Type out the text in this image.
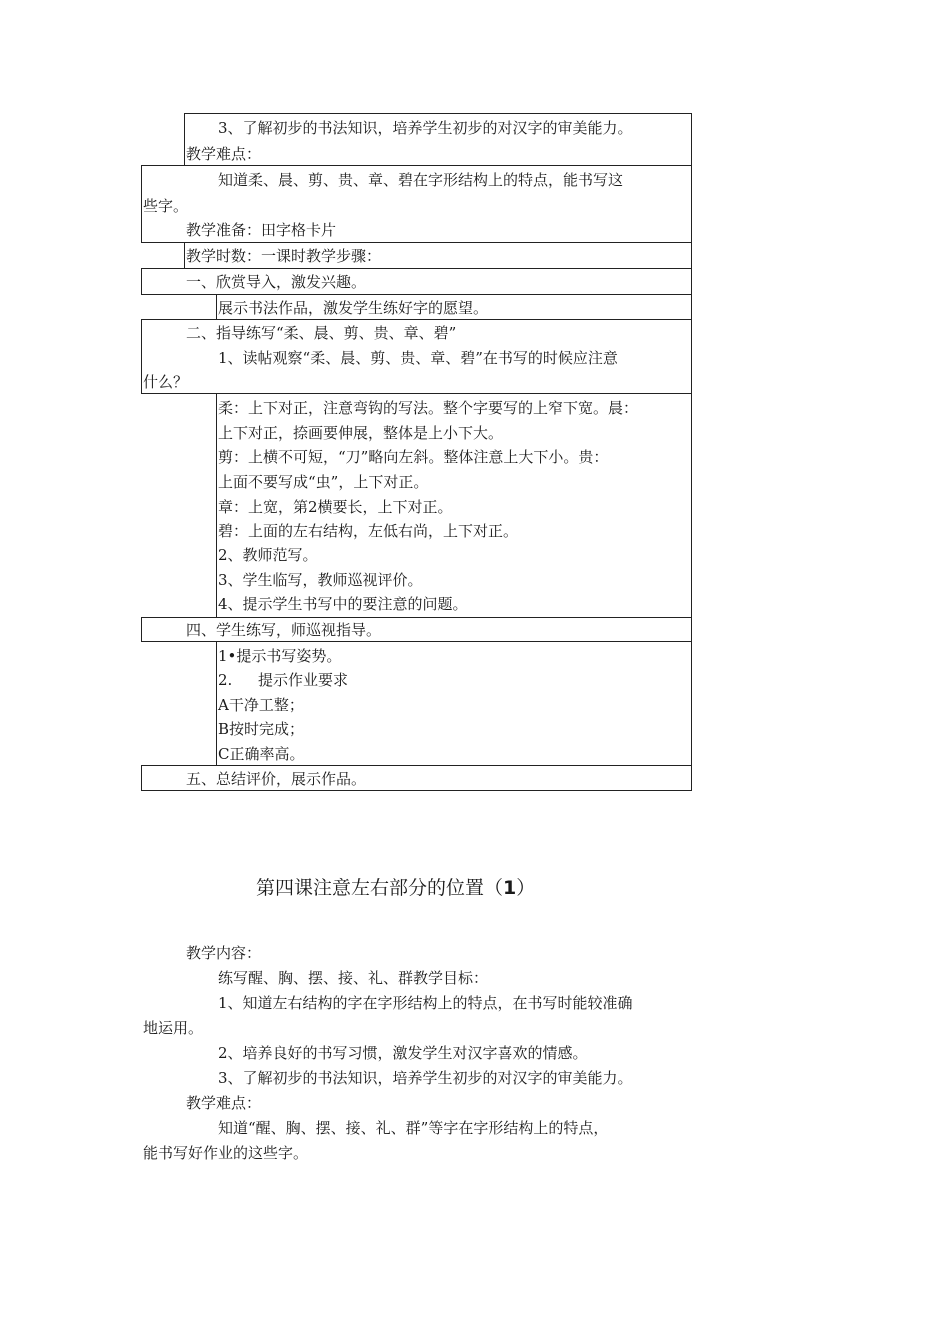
3、了解初步的书法知识，培养学生初步的对汉字的审美能力。
教学难点：
知道柔、晨、剪、贵、章、碧在字形结构上的特点，能书写这
些字。
教学准备：田字格卡片
教学时数：一课时教学步骤：
一、欣赏导入，激发兴趣。
展示书法作品，激发学生练好字的愿望。
二、指导练写“柔、晨、剪、贵、章、碧”
1、读帖观察“柔、晨、剪、贵、章、碧”在书写的时候应注意
什么？
柔：上下对正，注意弯钩的写法。整个字要写的上窄下宽。晨：
上下对正，捺画要伸展，整体是上小下大。
剪：上横不可短，“刀”略向左斜。整体注意上大下小。贵：
上面不要写成“虫”，上下对正。
章：上宽，第2横要长，上下对正。
碧：上面的左右结构，左低右尚，上下对正。
2、教师范写。
3、学生临写，教师巡视评价。
4、提示学生书写中的要注意的问题。
四、学生练写，师巡视指导。
1•提示书写姿势。
2. 提示作业要求
A干净工整；
B按时完成；
C正确率高。
五、总结评价，展示作品。
第四课注意左右部分的位置（1）
教学内容：
练写醒、胸、摆、接、礼、群教学目标：
1、知道左右结构的字在字形结构上的特点，在书写时能较准确
地运用。
2、培养良好的书写习惯，激发学生对汉字喜欢的情感。
3、了解初步的书法知识，培养学生初步的对汉字的审美能力。
教学难点：
知道“醒、胸、摆、接、礼、群”等字在字形结构上的特点，
能书写好作业的这些字。
